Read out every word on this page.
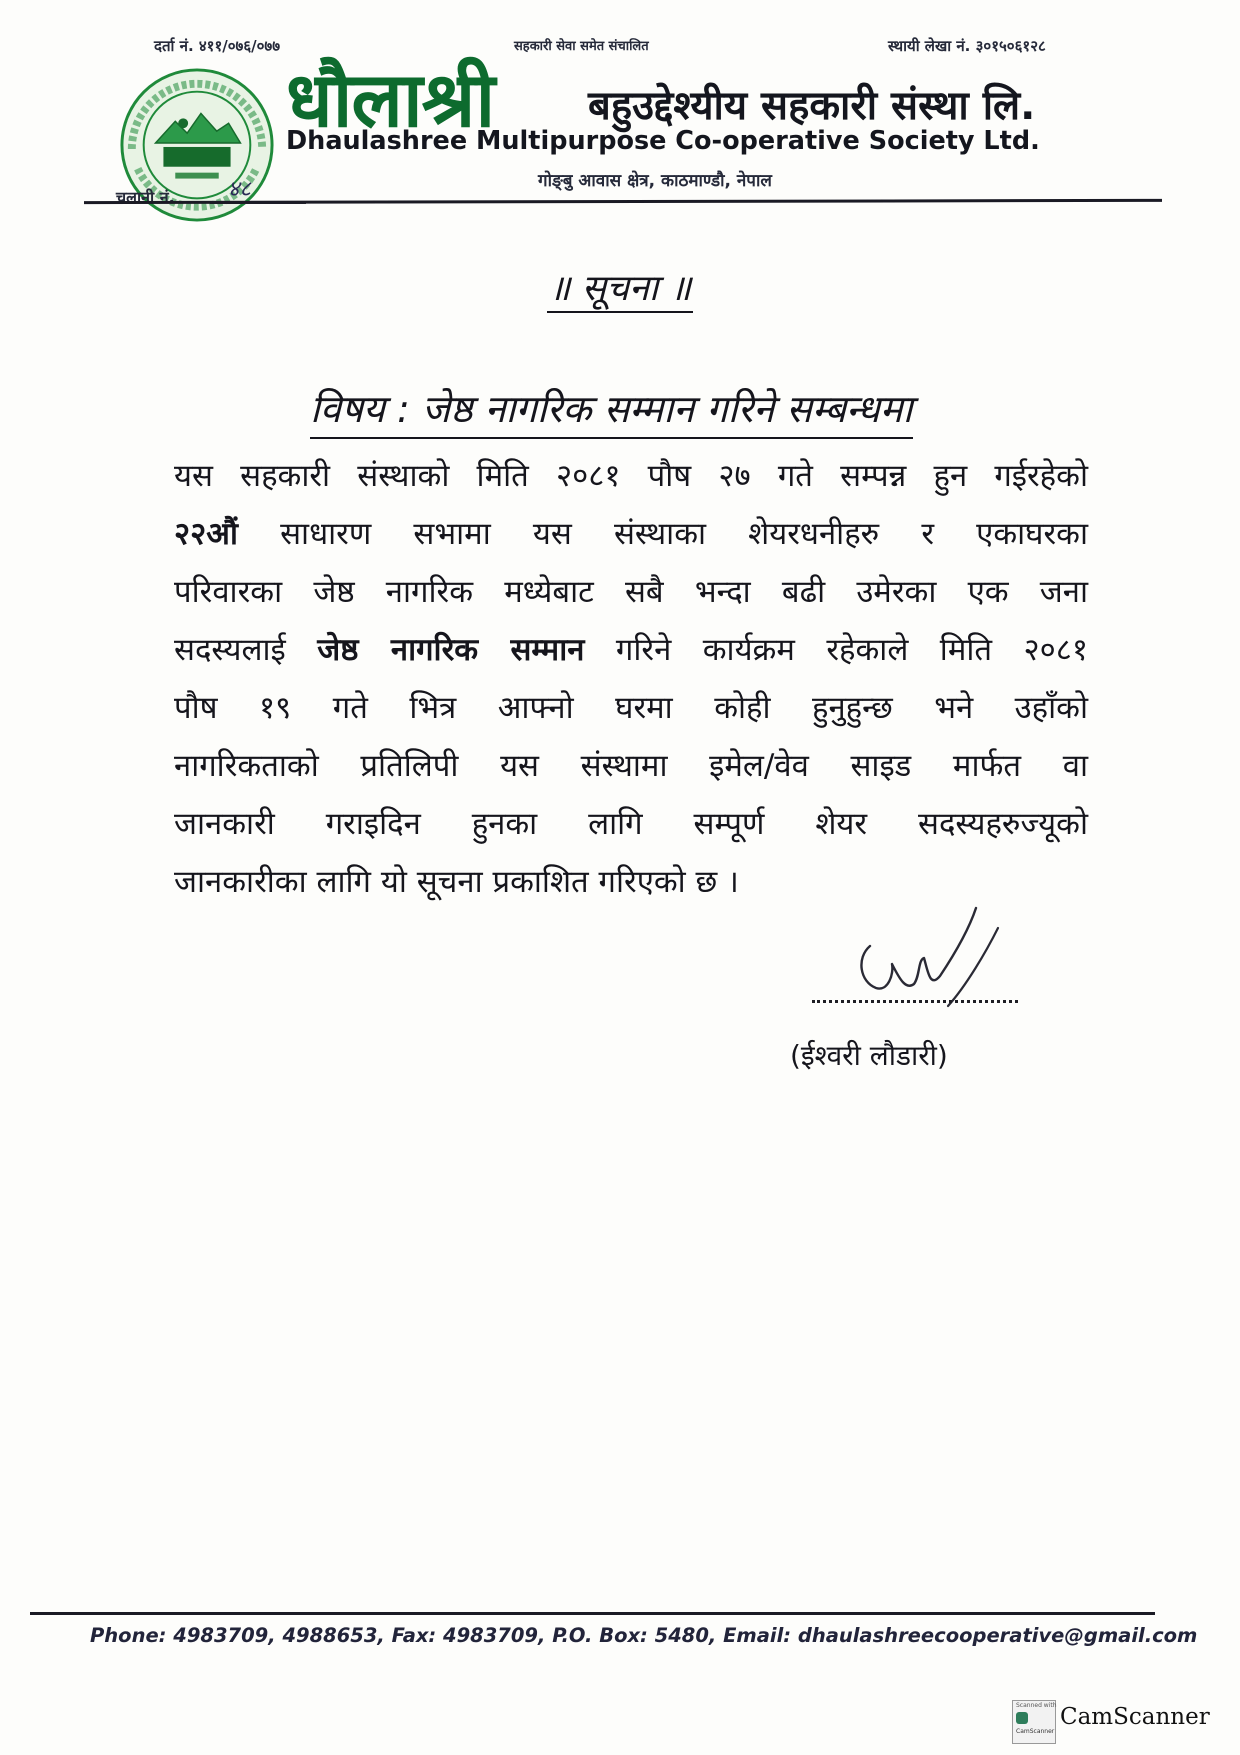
दर्ता नं. ४११/०७६/०७७	सहकारी सेवा समेत संचालित	स्थायी लेखा नं. ३०१५०६१२८
धौलाश्री बहुउद्देश्यीय सहकारी संस्था लि.
Dhaulashree Multipurpose Co-operative Society Ltd.
गोङ्बु आवास क्षेत्र, काठमाण्डौ, नेपाल
चलानी नं.	४८
॥ सूचना ॥
विषय : जेष्ठ नागरिक सम्मान गरिने सम्बन्धमा
यस सहकारी संस्थाको मिति २०८१ पौष २७ गते सम्पन्न हुन गईरहेको
२२औं साधारण सभामा यस संस्थाका शेयरधनीहरु र एकाघरका
परिवारका जेष्ठ नागरिक मध्येबाट सबै भन्दा बढी उमेरका एक जना
सदस्यलाई जेष्ठ नागरिक सम्मान गरिने कार्यक्रम रहेकाले मिति २०८१
पौष १९ गते भित्र आफ्नो घरमा कोही हुनुहुन्छ भने उहाँको
नागरिकताको प्रतिलिपी यस संस्थामा इमेल/वेव साइड मार्फत वा
जानकारी गराइदिन हुनका लागि सम्पूर्ण शेयर सदस्यहरुज्यूको
जानकारीका लागि यो सूचना प्रकाशित गरिएको छ ।
(ईश्वरी लौडारी)
Phone: 4983709, 4988653, Fax: 4983709, P.O. Box: 5480, Email: dhaulashreecooperative@gmail.com
Scanned with
CamScanner
CamScanner
